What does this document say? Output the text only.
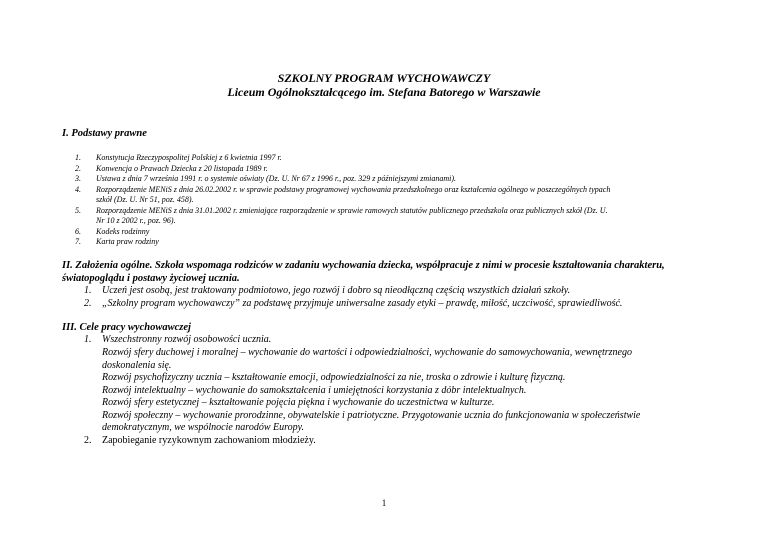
SZKOLNY PROGRAM WYCHOWAWCZY
Liceum Ogólnokształcącego im. Stefana Batorego w Warszawie
I. Podstawy prawne
1.	Konstytucja Rzeczypospolitej Polskiej z 6 kwietnia 1997 r.
2.	Konwencja o Prawach Dziecka z 20 listopada 1989 r.
3.	Ustawa z dnia 7 września 1991 r. o systemie oświaty (Dz. U. Nr 67 z 1996 r., poz. 329 z późniejszymi zmianami).
4.	Rozporządzenie MENiS z dnia 26.02.2002 r. w sprawie podstawy programowej wychowania przedszkolnego oraz kształcenia ogólnego w poszczególnych typach
szkół (Dz. U. Nr 51, poz. 458).
5.	Rozporządzenie MENiS z dnia 31.01.2002 r. zmieniające rozporządzenie w sprawie ramowych statutów publicznego przedszkola oraz publicznych szkół (Dz. U.
Nr 10 z 2002 r., poz. 96).
6.	Kodeks rodzinny
7.	Karta praw rodziny
II. Założenia ogólne. Szkoła wspomaga rodziców w zadaniu wychowania dziecka, współpracuje z nimi w procesie kształtowania charakteru,
światopoglądu i postawy życiowej ucznia.
1.	Uczeń jest osobą, jest traktowany podmiotowo, jego rozwój i dobro są nieodłączną częścią wszystkich działań szkoły.
2.	„Szkolny program wychowawczy” za podstawę przyjmuje uniwersalne zasady etyki – prawdę, miłość, uczciwość, sprawiedliwość.
III. Cele pracy wychowawczej
1.	Wszechstronny rozwój osobowości ucznia.
Rozwój sfery duchowej i moralnej – wychowanie do wartości i odpowiedzialności, wychowanie do samowychowania, wewnętrznego
doskonalenia się.
Rozwój psychofizyczny ucznia – kształtowanie emocji, odpowiedzialności za nie, troska o zdrowie i kulturę fizyczną.
Rozwój intelektualny – wychowanie do samokształcenia i umiejętności korzystania z dóbr intelektualnych.
Rozwój sfery estetycznej – kształtowanie pojęcia piękna i wychowanie do uczestnictwa w kulturze.
Rozwój społeczny – wychowanie prorodzinne, obywatelskie i patriotyczne. Przygotowanie ucznia do funkcjonowania w społeczeństwie
demokratycznym, we wspólnocie narodów Europy.
2.	Zapobieganie ryzykownym zachowaniom młodzieży.
1
